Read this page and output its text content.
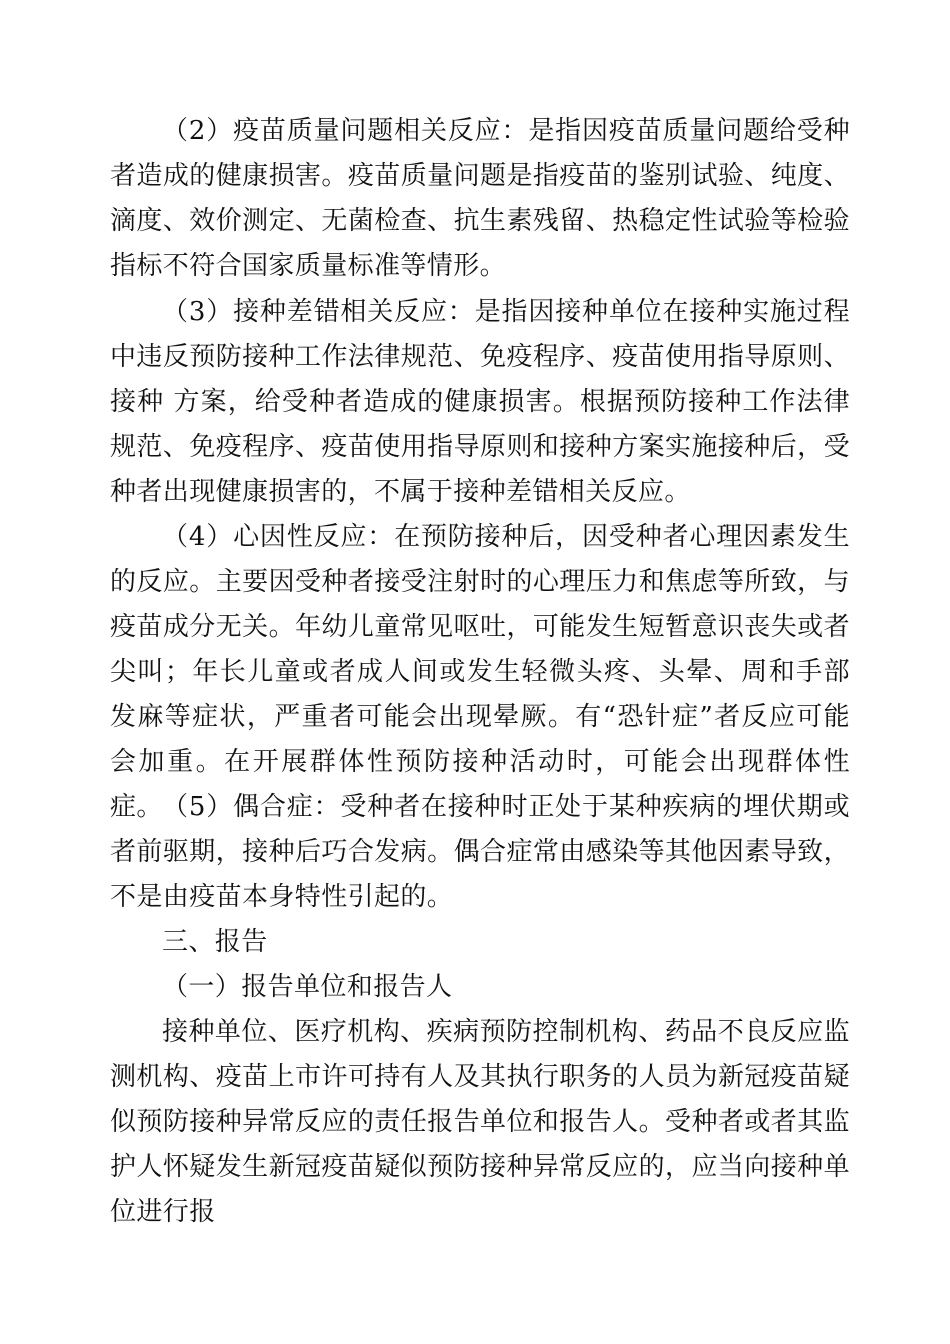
（2）疫苗质量问题相关反应：是指因疫苗质量问题给受种 者造成的健康损害。疫苗质量问题是指疫苗的鉴别试验、纯度、 滴度、效价测定、无菌检查、抗生素残留、热稳定性试验等检验 指标不符合国家质量标准等情形。

（3）接种差错相关反应：是指因接种单位在接种实施过程 中违反预防接种工作法律规范、免疫程序、疫苗使用指导原则、接种 方案，给受种者造成的健康损害。根据预防接种工作法律规范、免疫程序、疫苗使用指导原则和接种方案实施接种后，受种者出现健康损害的，不属于接种差错相关反应。

（4）心因性反应：在预防接种后，因受种者心理因素发生 的反应。主要因受种者接受注射时的心理压力和焦虑等所致，与 疫苗成分无关。年幼儿童常见呕吐，可能发生短暂意识丧失或者 尖叫；年长儿童或者成人间或发生轻微头疼、头晕、周和手部 发麻等症状，严重者可能会出现晕厥。有“恐针症”者反应可能 会加重。在开展群体性预防接种活动时，可能会出现群体性 症。 （5）偶合症：受种者在接种时正处于某种疾病的埋伏期或 者前驱期，接种后巧合发病。偶合症常由感染等其他因素导致， 不是由疫苗本身特性引起的。

三、报告

（一）报告单位和报告人

接种单位、医疗机构、疾病预防控制机构、药品不良反应监 测机构、疫苗上市许可持有人及其执行职务的人员为新冠疫苗疑 似预防接种异常反应的责任报告单位和报告人。受种者或者其监 护人怀疑发生新冠疫苗疑似预防接种异常反应的，应当向接种单 位进行报
